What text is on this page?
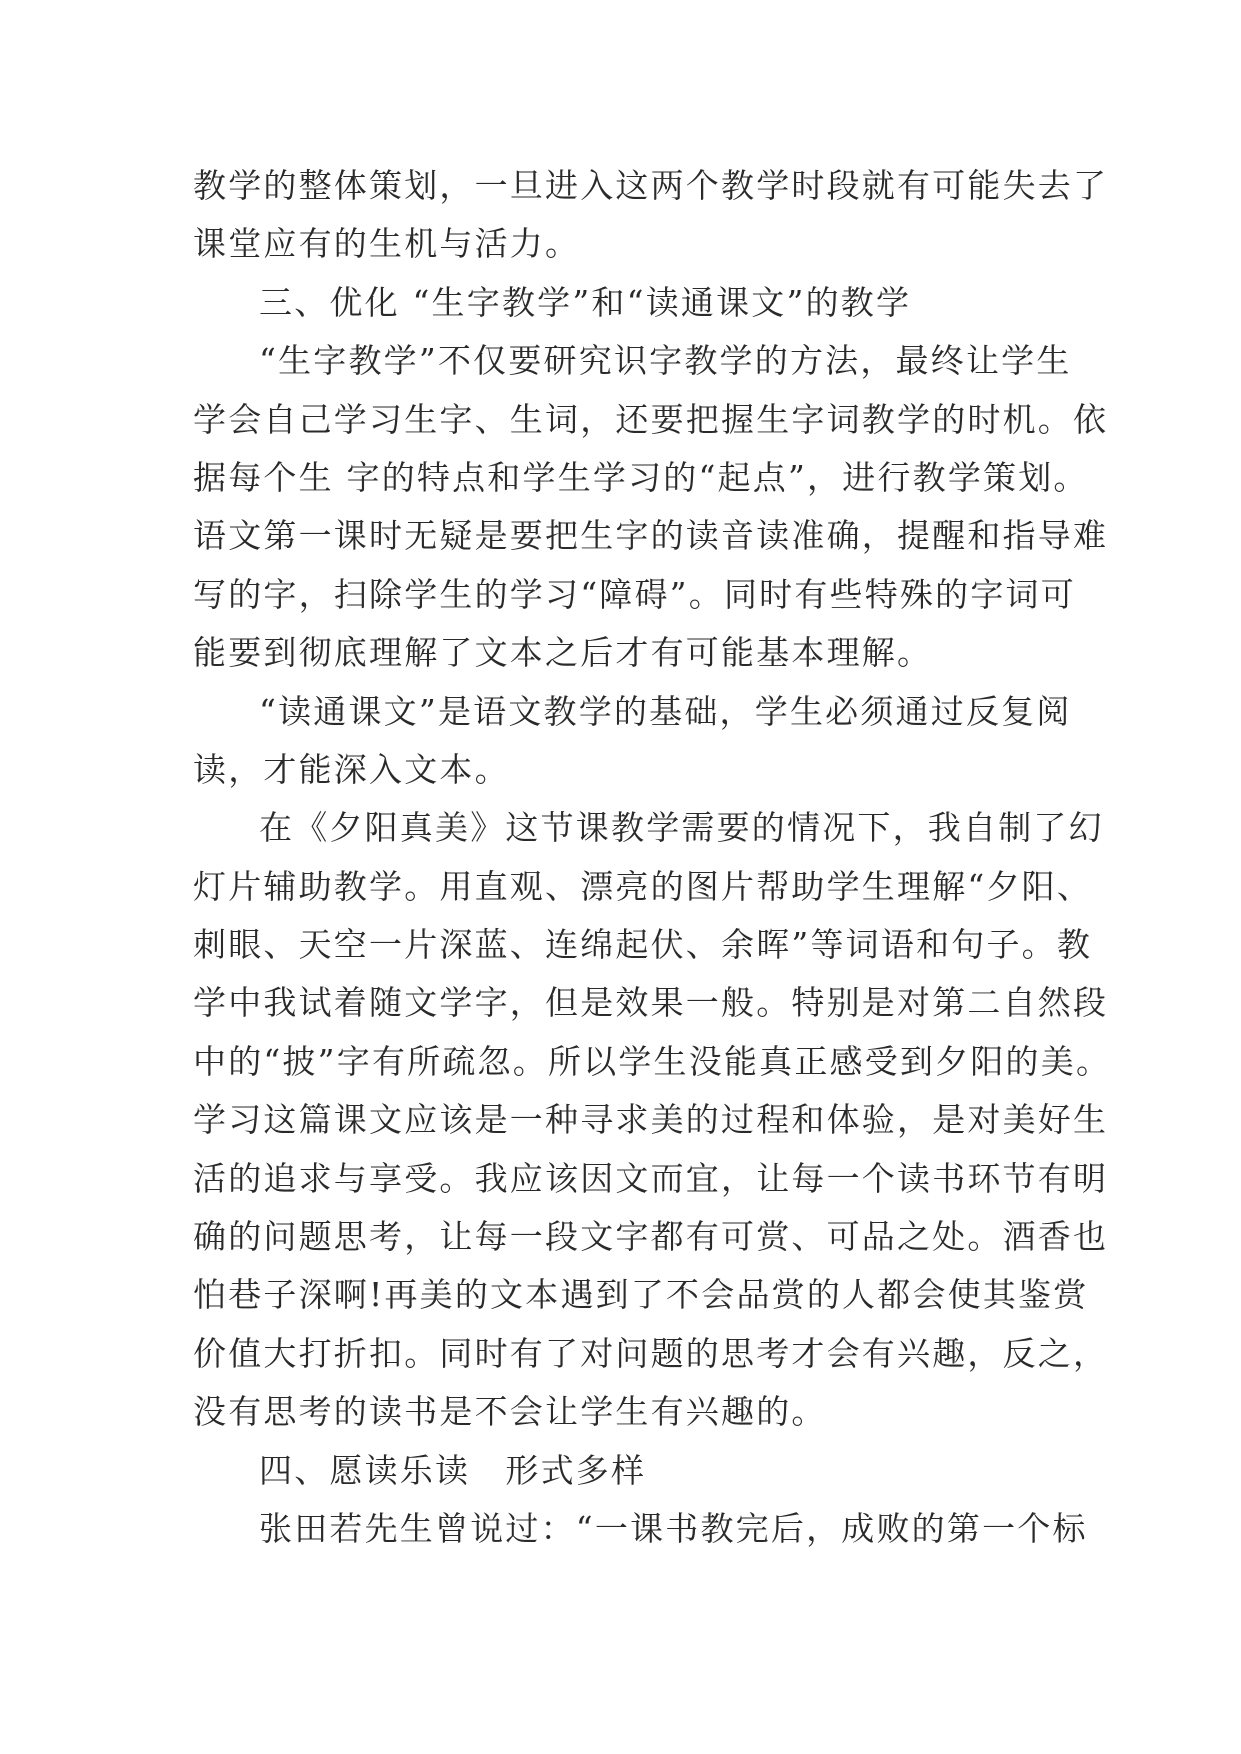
教学的整体策划，一旦进入这两个教学时段就有可能失去了
课堂应有的生机与活力。
三、优化 “生字教学”和“读通课文”的教学
“生字教学”不仅要研究识字教学的方法，最终让学生
学会自己学习生字、生词，还要把握生字词教学的时机。依
据每个生 字的特点和学生学习的“起点”，进行教学策划。
语文第一课时无疑是要把生字的读音读准确，提醒和指导难
写的字，扫除学生的学习“障碍”。同时有些特殊的字词可
能要到彻底理解了文本之后才有可能基本理解。
“读通课文”是语文教学的基础，学生必须通过反复阅
读，才能深入文本。
在《夕阳真美》这节课教学需要的情况下，我自制了幻
灯片辅助教学。用直观、漂亮的图片帮助学生理解“夕阳、
刺眼、天空一片深蓝、连绵起伏、余晖”等词语和句子。教
学中我试着随文学字，但是效果一般。特别是对第二自然段
中的“披”字有所疏忽。所以学生没能真正感受到夕阳的美。
学习这篇课文应该是一种寻求美的过程和体验，是对美好生
活的追求与享受。我应该因文而宜，让每一个读书环节有明
确的问题思考，让每一段文字都有可赏、可品之处。酒香也
怕巷子深啊!再美的文本遇到了不会品赏的人都会使其鉴赏
价值大打折扣。同时有了对问题的思考才会有兴趣，反之，
没有思考的读书是不会让学生有兴趣的。
四、愿读乐读　形式多样
张田若先生曾说过：“一课书教完后，成败的第一个标
